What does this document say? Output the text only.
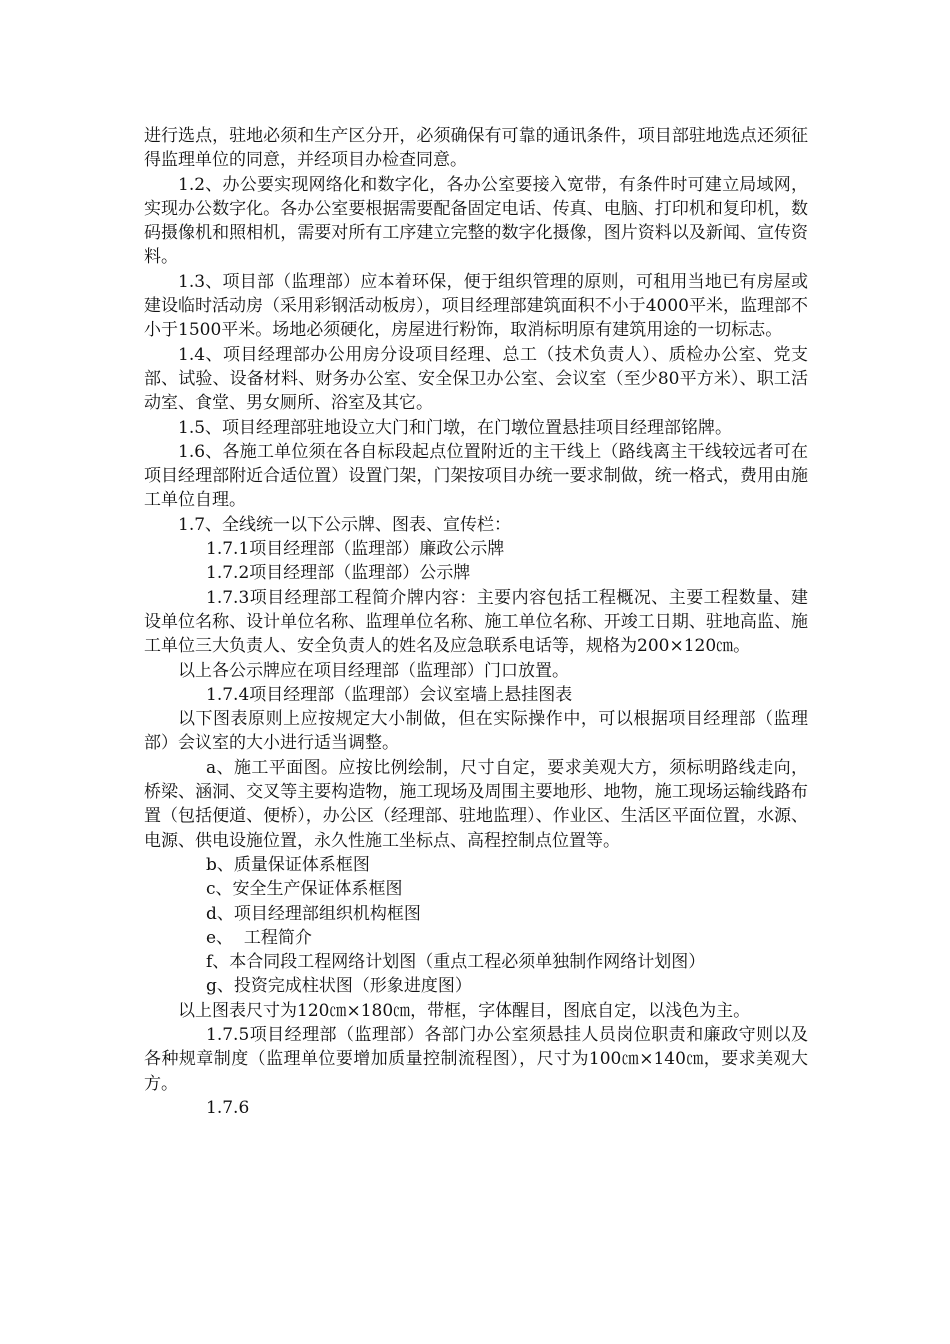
进行选点，驻地必须和生产区分开，必须确保有可靠的通讯条件，项目部驻地选点还须征得监理单位的同意，并经项目办检查同意。

1.2、办公要实现网络化和数字化，各办公室要接入宽带，有条件时可建立局域网，实现办公数字化。各办公室要根据需要配备固定电话、传真、电脑、打印机和复印机，数码摄像机和照相机，需要对所有工序建立完整的数字化摄像，图片资料以及新闻、宣传资料。

1.3、项目部（监理部）应本着环保，便于组织管理的原则，可租用当地已有房屋或建设临时活动房（采用彩钢活动板房），项目经理部建筑面积不小于4000平米，监理部不小于1500平米。场地必须硬化，房屋进行粉饰，取消标明原有建筑用途的一切标志。

1.4、项目经理部办公用房分设项目经理、总工（技术负责人）、质检办公室、党支部、试验、设备材料、财务办公室、安全保卫办公室、会议室（至少80平方米）、职工活动室、食堂、男女厕所、浴室及其它。

1.5、项目经理部驻地设立大门和门墩，在门墩位置悬挂项目经理部铭牌。

1.6、各施工单位须在各自标段起点位置附近的主干线上（路线离主干线较远者可在项目经理部附近合适位置）设置门架，门架按项目办统一要求制做，统一格式，费用由施工单位自理。

1.7、全线统一以下公示牌、图表、宣传栏：

1.7.1项目经理部（监理部）廉政公示牌

1.7.2项目经理部（监理部）公示牌

1.7.3项目经理部工程简介牌内容：主要内容包括工程概况、主要工程数量、建设单位名称、设计单位名称、监理单位名称、施工单位名称、开竣工日期、驻地高监、施工单位三大负责人、安全负责人的姓名及应急联系电话等，规格为200×120㎝。

以上各公示牌应在项目经理部（监理部）门口放置。

1.7.4项目经理部（监理部）会议室墙上悬挂图表

以下图表原则上应按规定大小制做，但在实际操作中，可以根据项目经理部（监理部）会议室的大小进行适当调整。

a、施工平面图。应按比例绘制，尺寸自定，要求美观大方，须标明路线走向，桥梁、涵洞、交叉等主要构造物，施工现场及周围主要地形、地物，施工现场运输线路布置（包括便道、便桥），办公区（经理部、驻地监理）、作业区、生活区平面位置，水源、电源、供电设施位置，永久性施工坐标点、高程控制点位置等。

b、质量保证体系框图

c、安全生产保证体系框图

d、项目经理部组织机构框图

e、  工程简介

f、本合同段工程网络计划图（重点工程必须单独制作网络计划图）

g、投资完成柱状图（形象进度图）

以上图表尺寸为120㎝×180㎝，带框，字体醒目，图底自定，以浅色为主。

1.7.5项目经理部（监理部）各部门办公室须悬挂人员岗位职责和廉政守则以及各种规章制度（监理单位要增加质量控制流程图），尺寸为100㎝×140㎝，要求美观大方。

1.7.6
